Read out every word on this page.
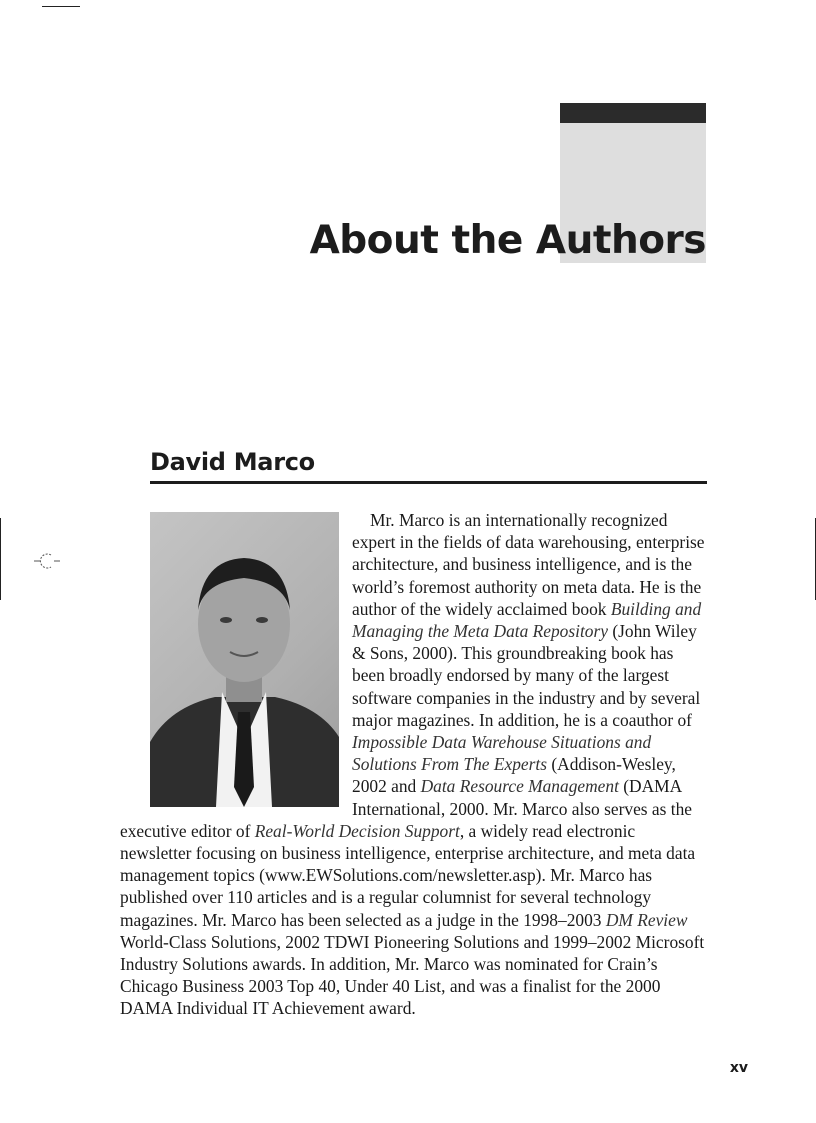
About the Authors
David Marco
Mr. Marco is an internationally recognized expert in the fields of data warehousing, enterprise architecture, and business intelligence, and is the world’s foremost authority on meta data. He is the author of the widely acclaimed book Building and Managing the Meta Data Repository (John Wiley & Sons, 2000). This groundbreaking book has been broadly endorsed by many of the largest software companies in the industry and by several major magazines. In addition, he is a coauthor of Impossible Data Warehouse Situations and Solutions From The Experts (Addison-Wesley, 2002 and Data Resource Management (DAMA International, 2000. Mr. Marco also serves as the executive editor of Real-World Decision Support, a widely read electronic newsletter focusing on business intelligence, enterprise architecture, and meta data management topics (www.EWSolutions.com/newsletter.asp). Mr. Marco has published over 110 articles and is a regular columnist for several technology magazines. Mr. Marco has been selected as a judge in the 1998–2003 DM Review World-Class Solutions, 2002 TDWI Pioneering Solutions and 1999–2002 Microsoft Industry Solutions awards. In addition, Mr. Marco was nominated for Crain’s Chicago Business 2003 Top 40, Under 40 List, and was a finalist for the 2000 DAMA Individual IT Achievement award.
xv
